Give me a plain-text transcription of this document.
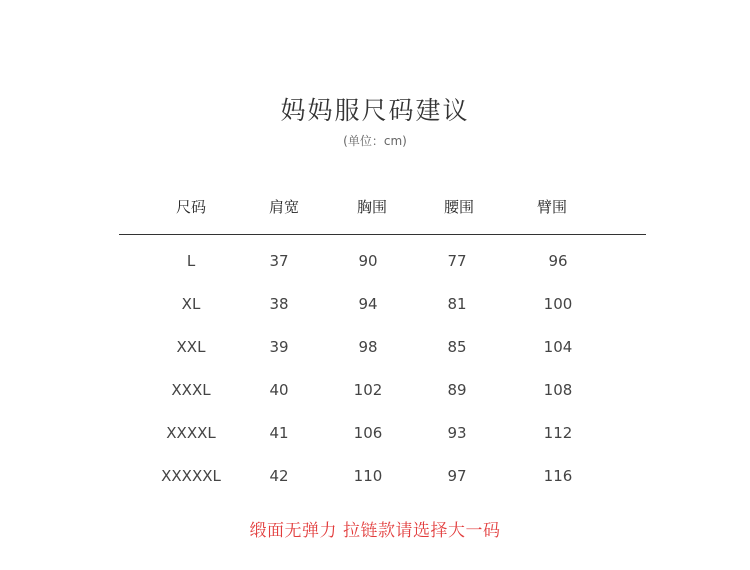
妈妈服尺码建议
(单位：cm)
尺码	肩宽	胸围	腰围	臂围
L	37	90	77	96
XL	38	94	81	100
XXL	39	98	85	104
XXXL	40	102	89	108
XXXXL	41	106	93	112
XXXXXL	42	110	97	116
缎面无弹力 拉链款请选择大一码
